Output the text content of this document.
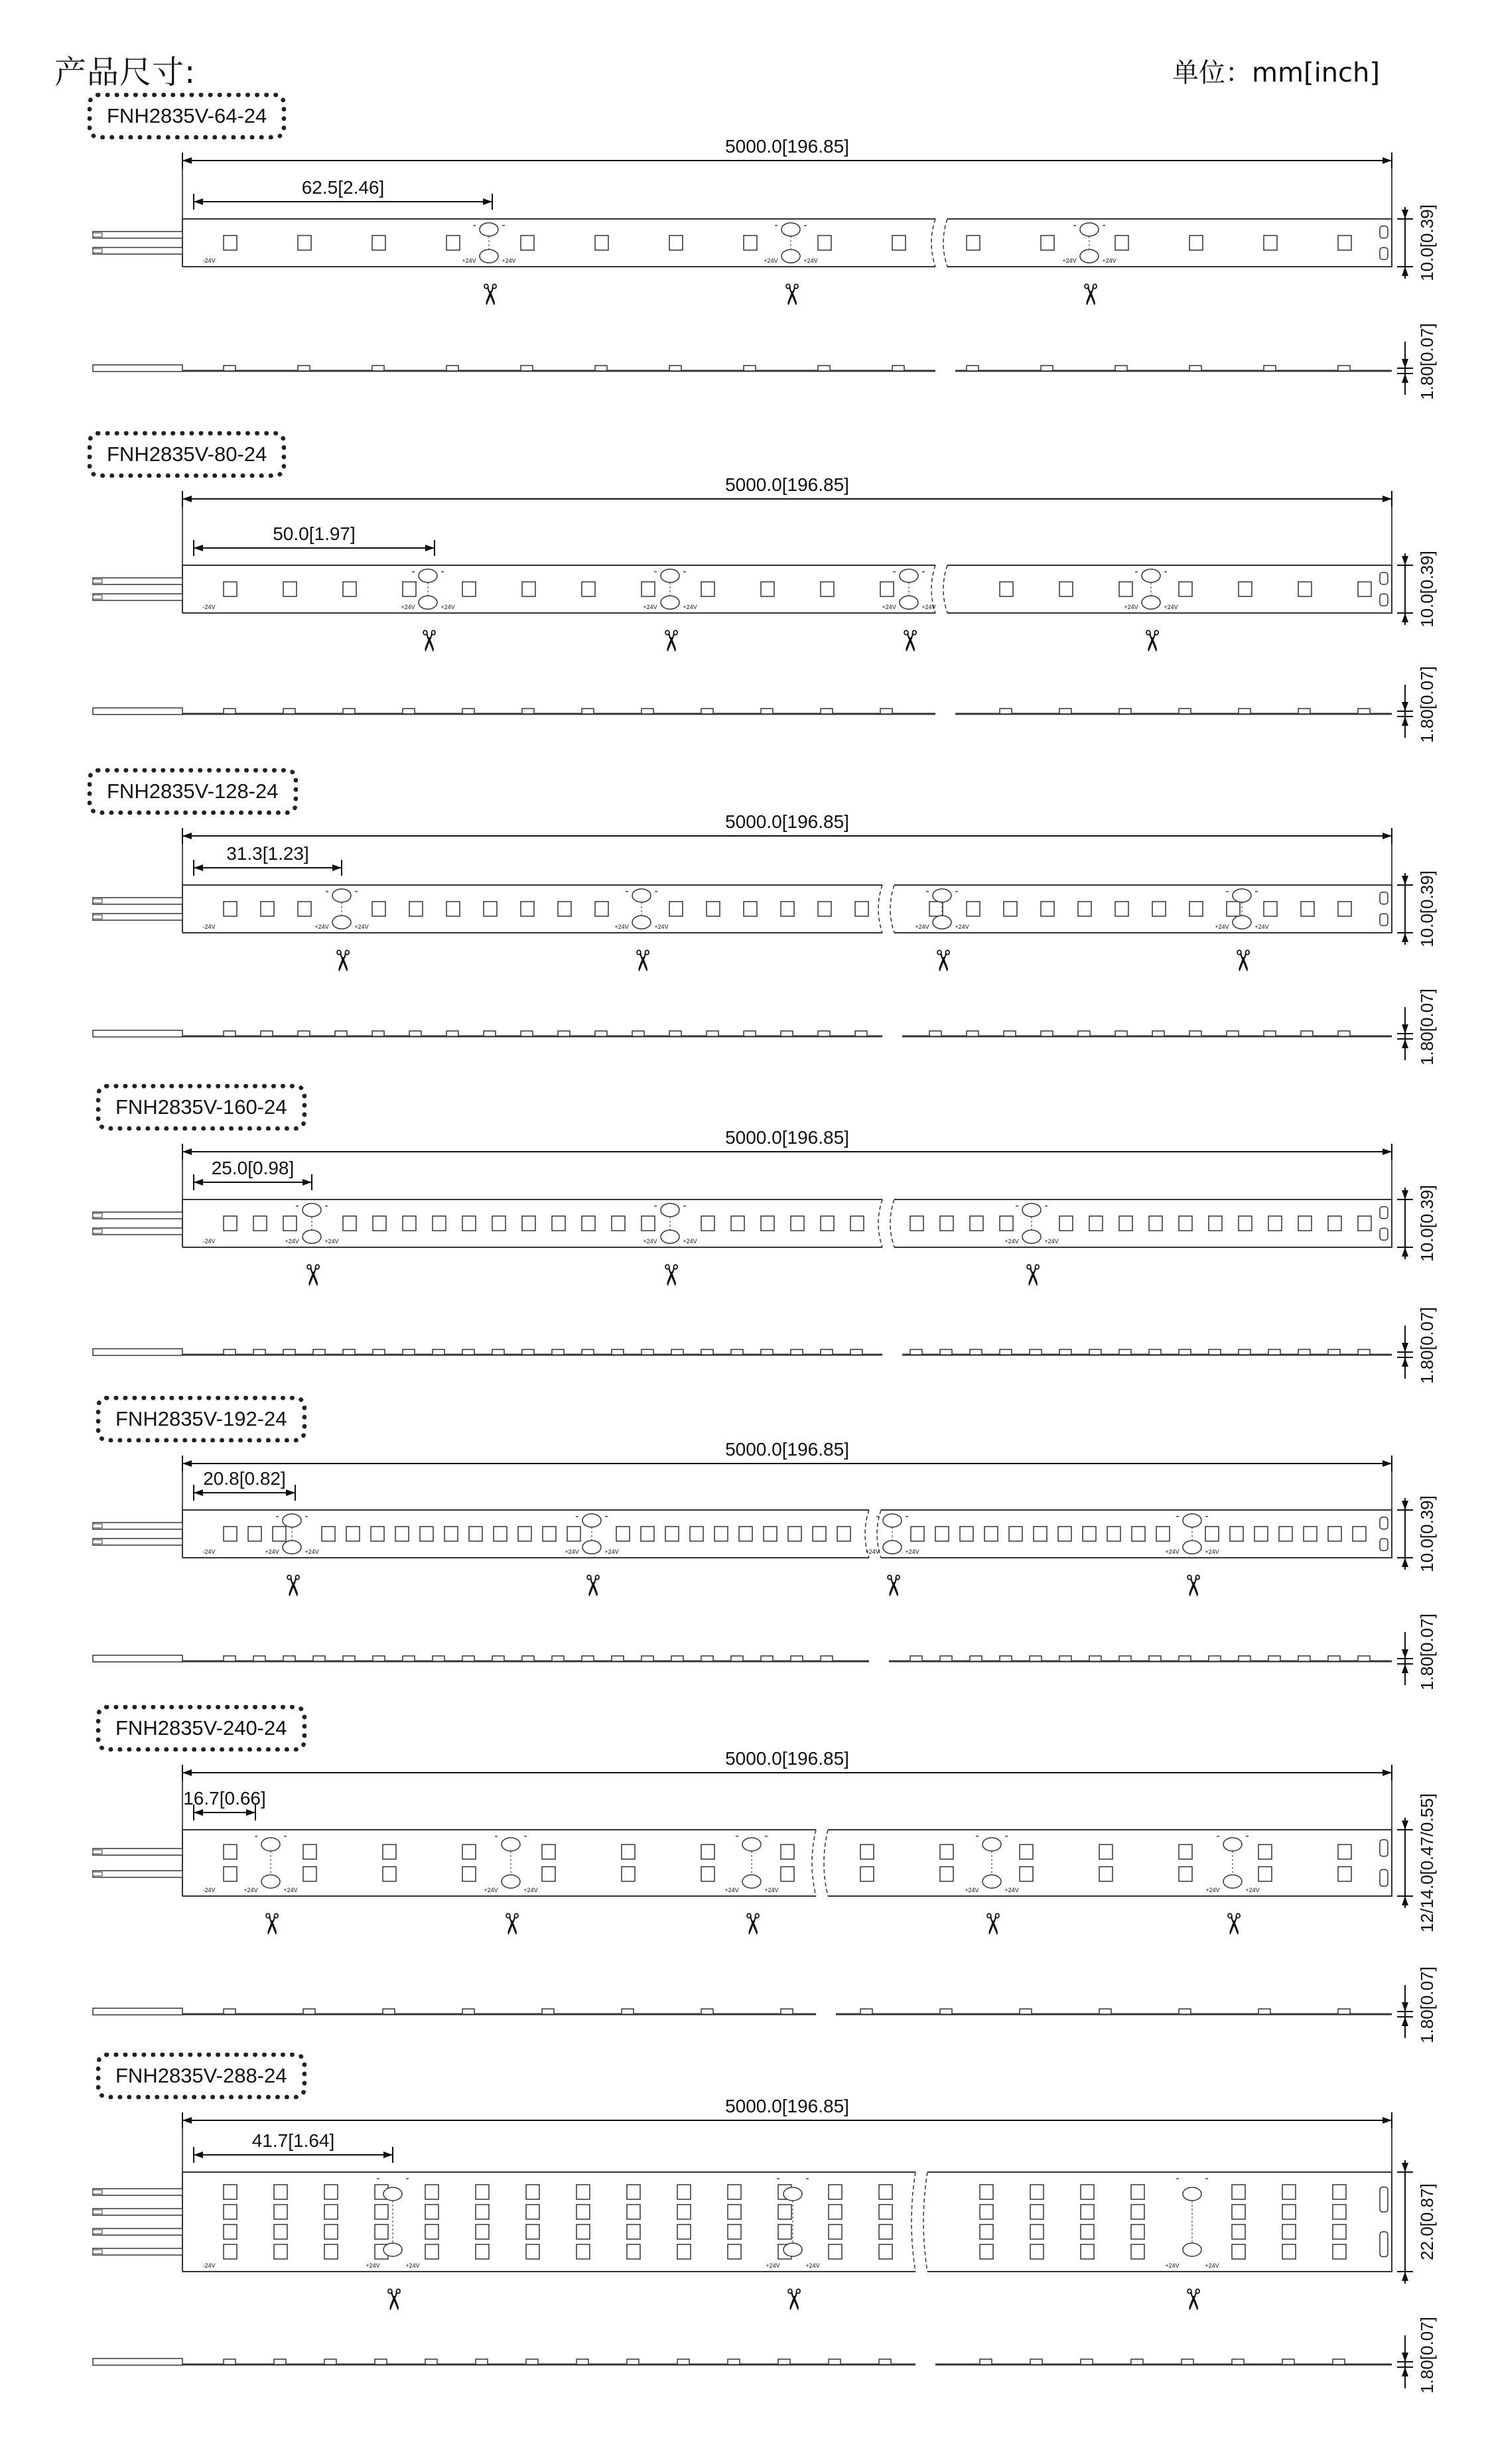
产品尺寸:	单位：mm[inch]
5000.0[196.85]
62.5[2.46]
+24V	+24V
- -
✂
+24V	+24V
- -
✂
+24V	+24V
- -
✂
-24V	10.0[0.39]
1.80[0.07]
5000.0[196.85]
50.0[1.97]
+24V	+24V
- -
✂
+24V	+24V
- -
✂
+24V	+24V
- -
✂
+24V	+24V
- -
✂
-24V	10.0[0.39]
1.80[0.07]
5000.0[196.85]
31.3[1.23]
+24V	+24V
- -
✂
+24V	+24V
- -
✂
+24V	+24V
- -
✂
+24V	+24V
- -
✂
-24V	10.0[0.39]
1.80[0.07]
5000.0[196.85]
25.0[0.98]
+24V	+24V
- -
✂
+24V	+24V
- -
✂
+24V	+24V
- -
✂
-24V	10.0[0.39]
1.80[0.07]
5000.0[196.85]
20.8[0.82]
+24V	+24V
- -
✂
+24V	+24V
- -
✂
+24V	+24V
- -
✂
+24V	+24V
- -
✂
-24V	10.0[0.39]
1.80[0.07]
5000.0[196.85]
16.7[0.66]
+24V	+24V
- -
✂
+24V	+24V
- -
✂
+24V	+24V
- -
✂
+24V	+24V
- -
✂
+24V	+24V
- -
✂
-24V	12/14.0[0.47/0.55]
1.80[0.07]
5000.0[196.85]
41.7[1.64]
+24V	+24V
- -
✂
+24V	+24V
- -
✂
+24V	+24V
- -
✂
-24V
22.0[0.87]
1.80[0.07]
FNH2835V-64-24
FNH2835V-80-24
FNH2835V-128-24
FNH2835V-160-24
FNH2835V-192-24
FNH2835V-240-24
FNH2835V-288-24
